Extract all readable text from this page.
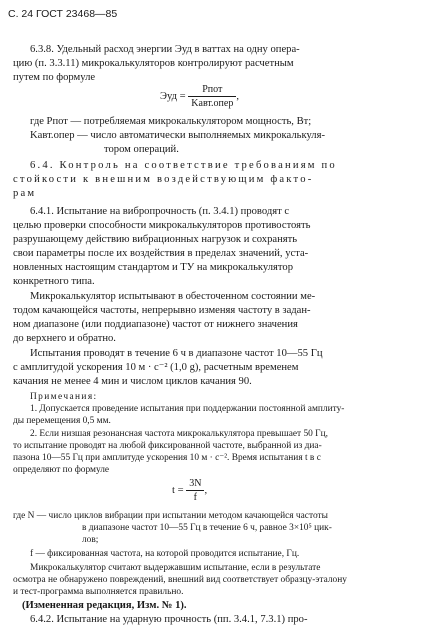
С. 24 ГОСТ 23468—85
6.3.8. Удельный расход энергии Эуд в ваттах на одну опера-
цию (п. 3.3.11) микрокалькуляторов контролируют расчетным
путем по формуле
Эуд = $\frac{\text{Pпот}}{\text{Kавт.опер}}$ ,
где Pпот — потребляемая микрокалькулятором мощность, Вт;
Kавт.опер — число автоматически выполняемых микрокалькуля-
тором операций.
6.4. Контроль на соответствие требованиям по
стойкости к внешним воздействующим факто-
рам
6.4.1. Испытание на вибропрочность (п. 3.4.1) проводят с
целью проверки способности микрокалькуляторов противостоять
разрушающему действию вибрационных нагрузок и сохранять
свои параметры после их воздействия в пределах значений, уста-
новленных настоящим стандартом и ТУ на микрокалькулятор
конкретного типа.
Микрокалькулятор испытывают в обесточенном состоянии ме-
тодом качающейся частоты, непрерывно изменяя частоту в задан-
ном диапазоне (или поддиапазоне) частот от нижнего значения
до верхнего и обратно.
Испытания проводят в течение 6 ч в диапазоне частот 10—55 Гц
с амплитудой ускорения 10 м · с⁻² (1,0 g), расчетным временем
качания не менее 4 мин и числом циклов качания 90.
Примечания:
1. Допускается проведение испытания при поддержании постоянной амплиту-
ды перемещения 0,5 мм.
2. Если низшая резонансная частота микрокалькулятора превышает 50 Гц,
то испытание проводят на любой фиксированной частоте, выбранной из диа-
пазона 10—55 Гц при амплитуде ускорения 10 м · с⁻². Время испытания t в с
определяют по формуле
$t = \frac{3N}{f}$ ,
где N — число циклов вибрации при испытании методом качающейся частоты
в диапазоне частот 10—55 Гц в течение 6 ч, равное 3×10⁵ цик-
лов;
f — фиксированная частота, на которой проводится испытание, Гц.
Микрокалькулятор считают выдержавшим испытание, если в результате
осмотра не обнаружено повреждений, внешний вид соответствует образцу-эталону
и тест-программа выполняется правильно.
(Измененная редакция, Изм. № 1).
6.4.2. Испытание на ударную прочность (пп. 3.4.1, 7.3.1) про-
